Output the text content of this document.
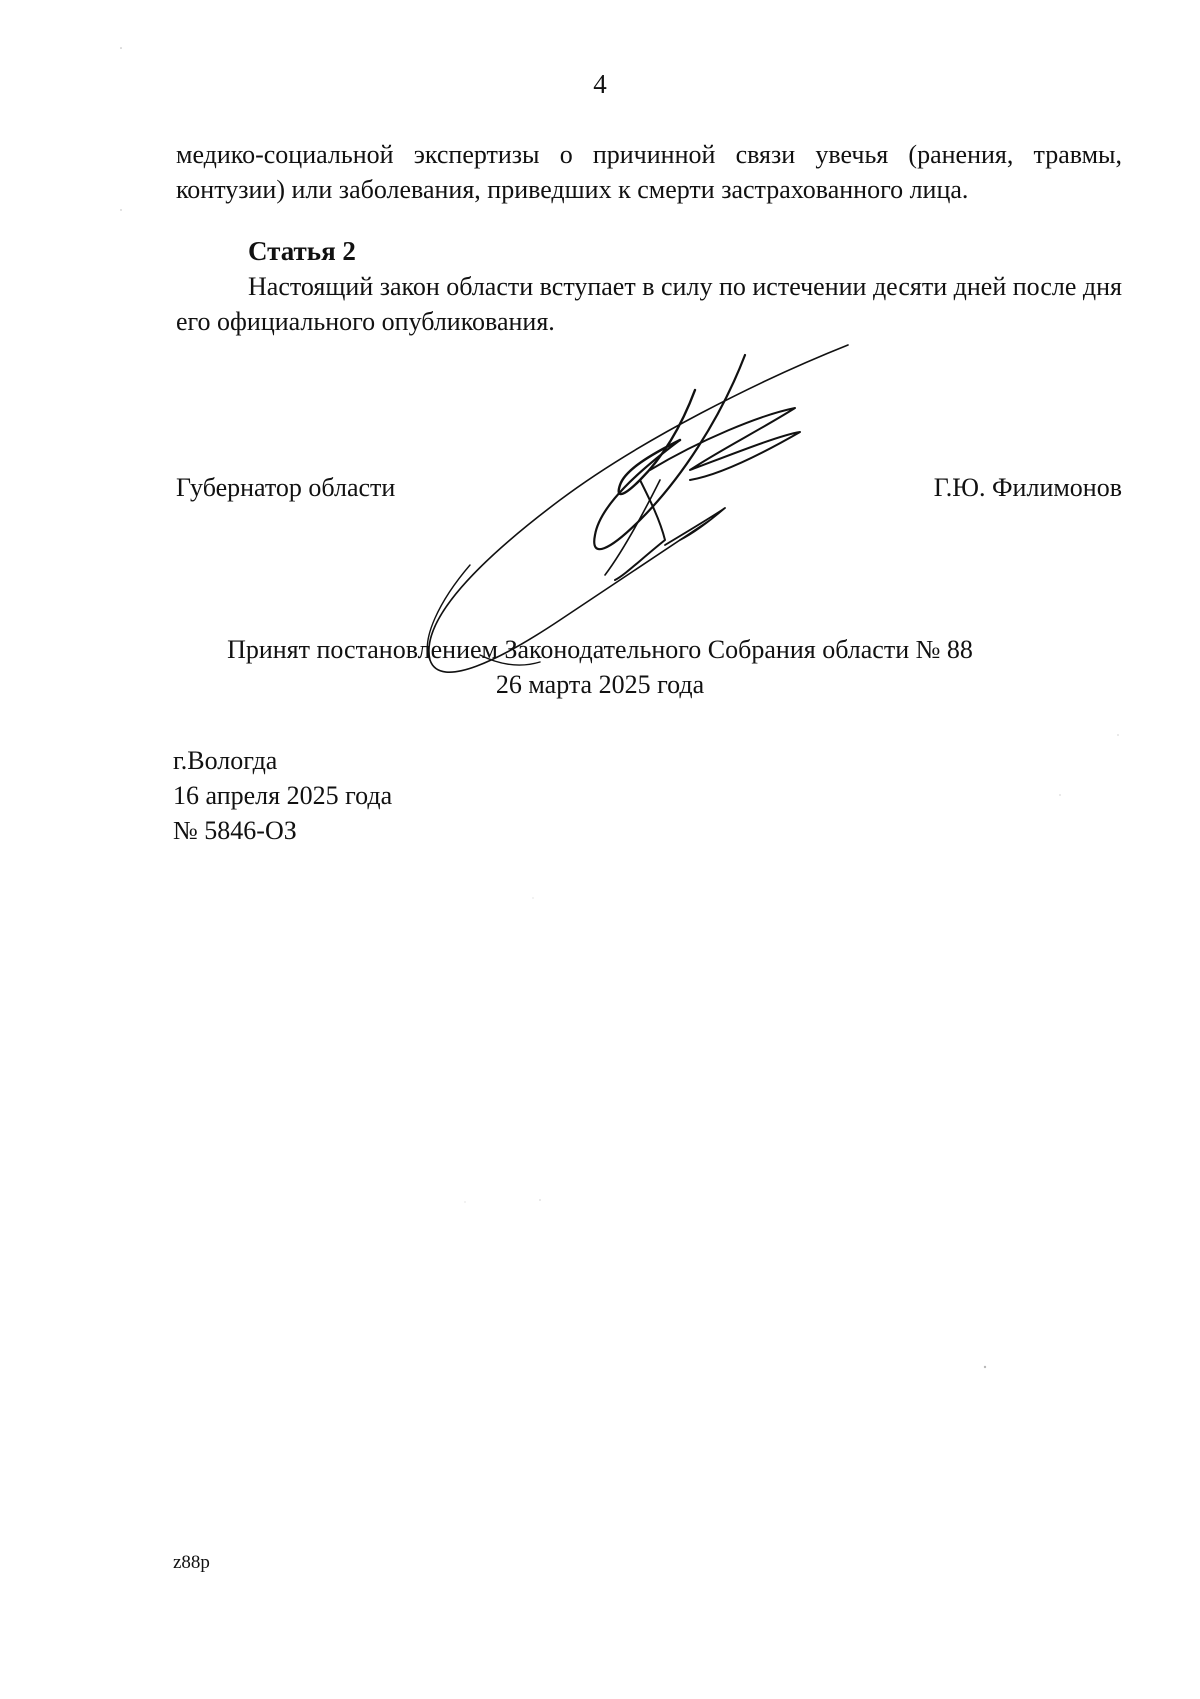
4

медико-социальной экспертизы о причинной связи увечья (ранения, травмы, контузии) или заболевания, приведших к смерти застрахованного лица.

Статья 2

Настоящий закон области вступает в силу по истечении десяти дней после дня его официального опубликования.

Губернатор области	Г.Ю. Филимонов
Принят постановлением Законодательного Собрания области № 88
26 марта 2025 года
г.Вологда
16 апреля 2025 года
№ 5846-ОЗ
z88p
